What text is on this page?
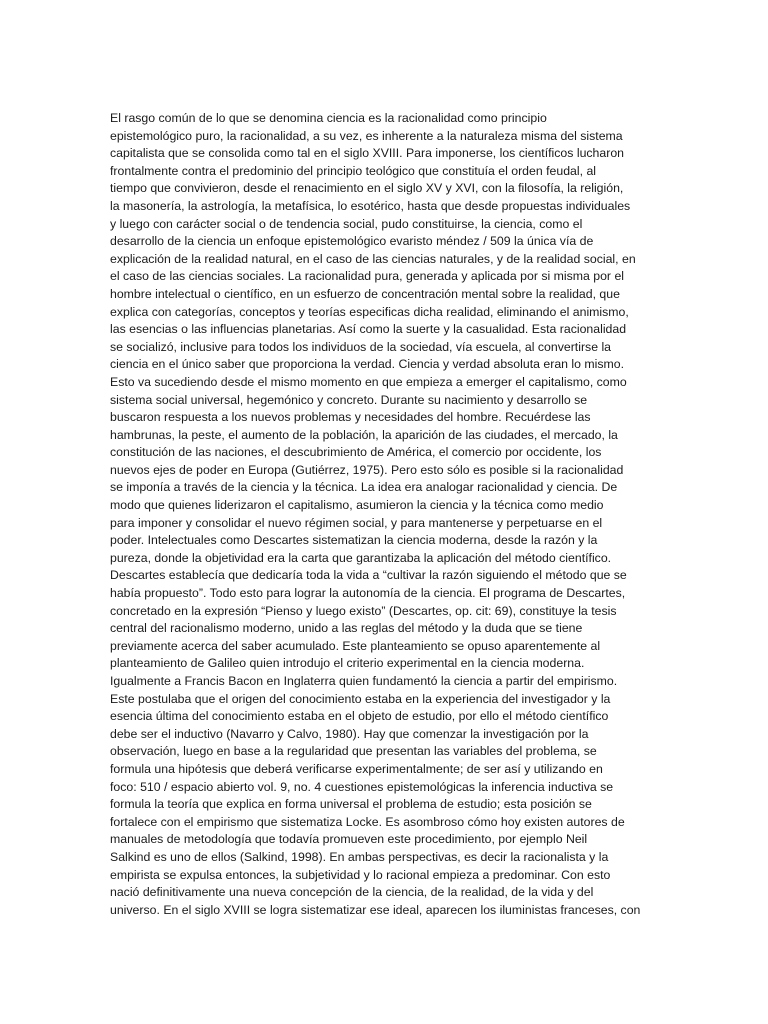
El rasgo común de lo que se denomina ciencia es la racionalidad como principio
epistemológico puro, la racionalidad, a su vez, es inherente a la naturaleza misma del sistema
capitalista que se consolida como tal en el siglo XVIII. Para imponerse, los científicos lucharon
frontalmente contra el predominio del principio teológico que constituía el orden feudal, al
tiempo que convivieron, desde el renacimiento en el siglo XV y XVI, con la filosofía, la religión,
la masonería, la astrología, la metafísica, lo esotérico, hasta que desde propuestas individuales
y luego con carácter social o de tendencia social, pudo constituirse, la ciencia, como el
desarrollo de la ciencia un enfoque epistemológico evaristo méndez / 509 la única vía de
explicación de la realidad natural, en el caso de las ciencias naturales, y de la realidad social, en
el caso de las ciencias sociales. La racionalidad pura, generada y aplicada por si misma por el
hombre intelectual o científico, en un esfuerzo de concentración mental sobre la realidad, que
explica con categorías, conceptos y teorías especificas dicha realidad, eliminando el animismo,
las esencias o las influencias planetarias. Así como la suerte y la casualidad. Esta racionalidad
se socializó, inclusive para todos los individuos de la sociedad, vía escuela, al convertirse la
ciencia en el único saber que proporciona la verdad. Ciencia y verdad absoluta eran lo mismo.
Esto va sucediendo desde el mismo momento en que empieza a emerger el capitalismo, como
sistema social universal, hegemónico y concreto. Durante su nacimiento y desarrollo se
buscaron respuesta a los nuevos problemas y necesidades del hombre. Recuérdese las
hambrunas, la peste, el aumento de la población, la aparición de las ciudades, el mercado, la
constitución de las naciones, el descubrimiento de América, el comercio por occidente, los
nuevos ejes de poder en Europa (Gutiérrez, 1975). Pero esto sólo es posible si la racionalidad
se imponía a través de la ciencia y la técnica. La idea era analogar racionalidad y ciencia. De
modo que quienes liderizaron el capitalismo, asumieron la ciencia y la técnica como medio
para imponer y consolidar el nuevo régimen social, y para mantenerse y perpetuarse en el
poder. Intelectuales como Descartes sistematizan la ciencia moderna, desde la razón y la
pureza, donde la objetividad era la carta que garantizaba la aplicación del método científico.
Descartes establecía que dedicaría toda la vida a “cultivar la razón siguiendo el método que se
había propuesto”. Todo esto para lograr la autonomía de la ciencia. El programa de Descartes,
concretado en la expresión “Pienso y luego existo” (Descartes, op. cit: 69), constituye la tesis
central del racionalismo moderno, unido a las reglas del método y la duda que se tiene
previamente acerca del saber acumulado. Este planteamiento se opuso aparentemente al
planteamiento de Galileo quien introdujo el criterio experimental en la ciencia moderna.
Igualmente a Francis Bacon en Inglaterra quien fundamentó la ciencia a partir del empirismo.
Este postulaba que el origen del conocimiento estaba en la experiencia del investigador y la
esencia última del conocimiento estaba en el objeto de estudio, por ello el método científico
debe ser el inductivo (Navarro y Calvo, 1980). Hay que comenzar la investigación por la
observación, luego en base a la regularidad que presentan las variables del problema, se
formula una hipótesis que deberá verificarse experimentalmente; de ser así y utilizando en
foco: 510 / espacio abierto vol. 9, no. 4 cuestiones epistemológicas la inferencia inductiva se
formula la teoría que explica en forma universal el problema de estudio; esta posición se
fortalece con el empirismo que sistematiza Locke. Es asombroso cómo hoy existen autores de
manuales de metodología que todavía promueven este procedimiento, por ejemplo Neil
Salkind es uno de ellos (Salkind, 1998). En ambas perspectivas, es decir la racionalista y la
empirista se expulsa entonces, la subjetividad y lo racional empieza a predominar. Con esto
nació definitivamente una nueva concepción de la ciencia, de la realidad, de la vida y del
universo. En el siglo XVIII se logra sistematizar ese ideal, aparecen los iluministas franceses, con
